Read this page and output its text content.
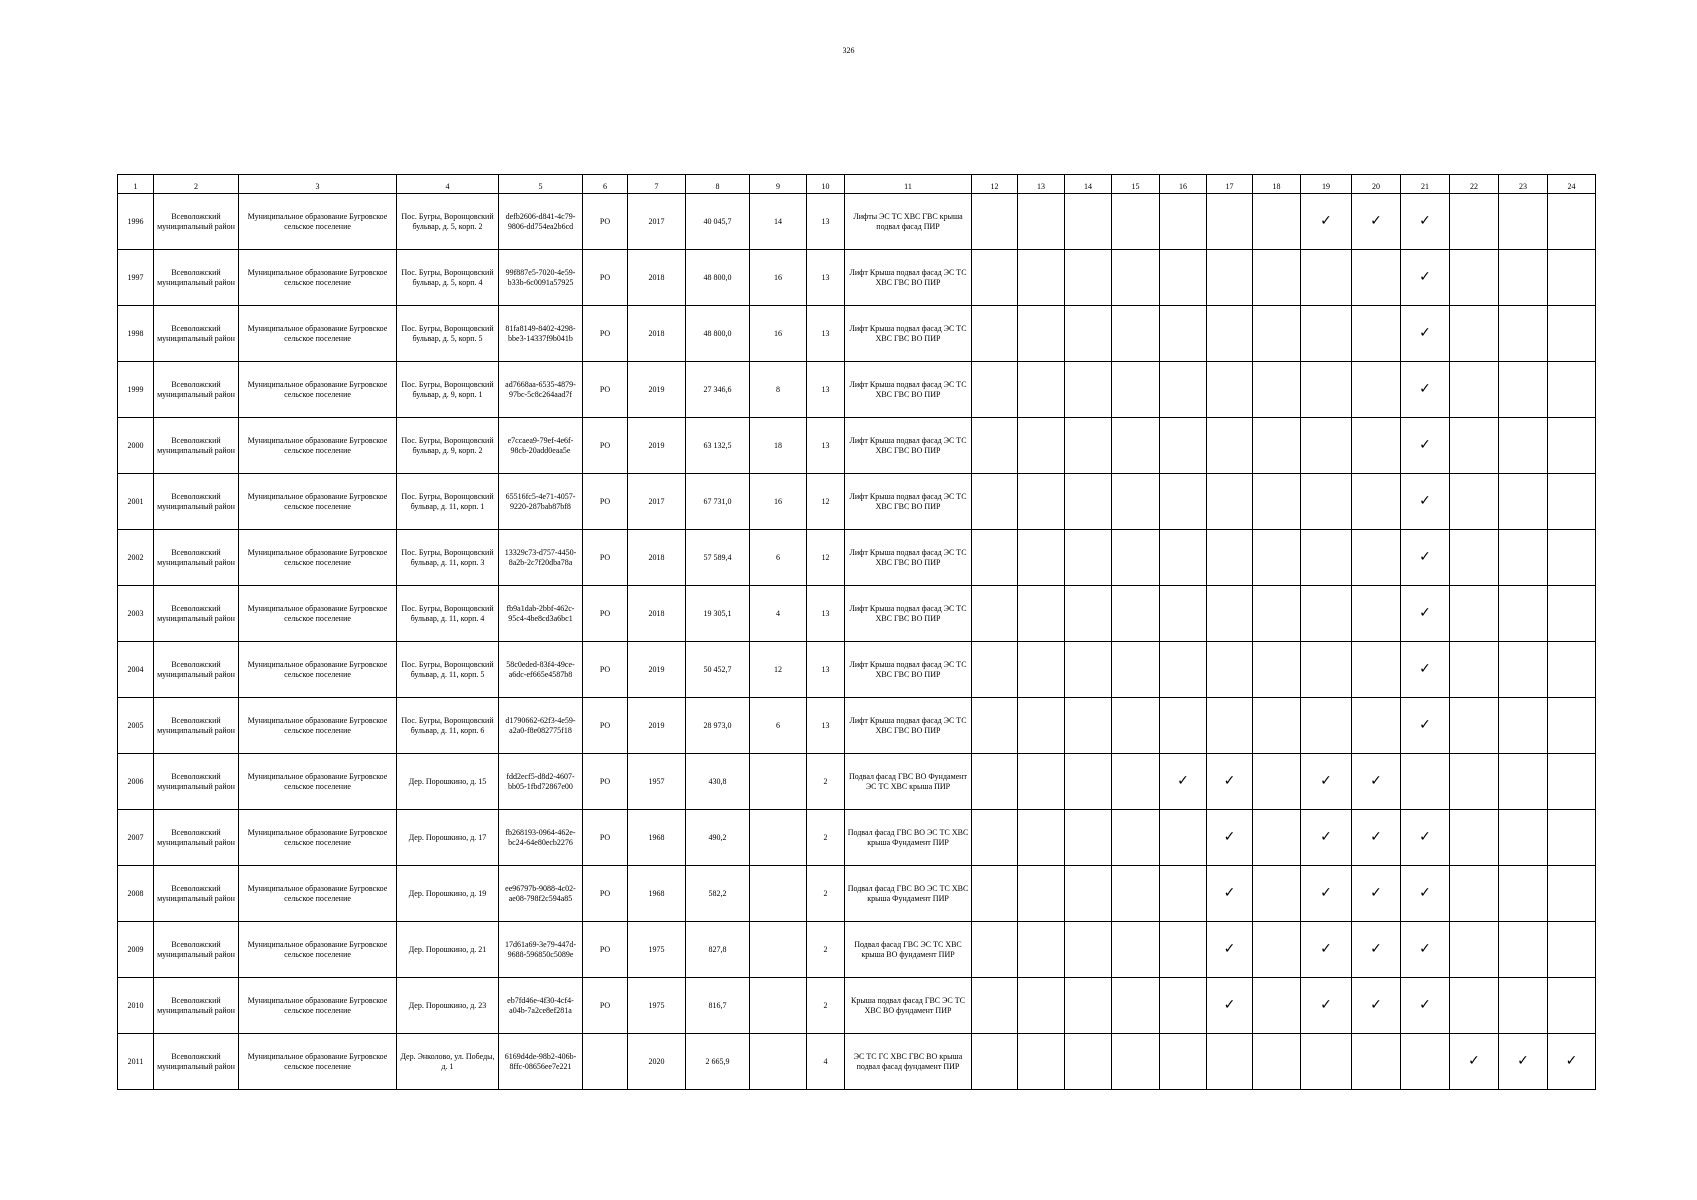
326
1	2	3	4	5	6	7	8	9	10	11	12	13	14	15	16	17	18	19	20	21	22	23	24
1996	Всеволожский муниципальный район	Муниципальное образование Бугровское сельское поселение	Пос. Бугры, Воронцовский бульвар, д. 5, корп. 2	defb2606-d841-4c79-9806-dd754ea2b6cd	РО	2017	40 045,7	14	13	Лифты ЭС ТС ХВС ГВС крыша подвал фасад ПИР								✓	✓	✓			
1997	Всеволожский муниципальный район	Муниципальное образование Бугровское сельское поселение	Пос. Бугры, Воронцовский бульвар, д. 5, корп. 4	99f887e5-7020-4e59-b33b-6c0091a57925	РО	2018	48 800,0	16	13	Лифт Крыша подвал фасад ЭС ТС ХВС ГВС ВО ПИР										✓			
1998	Всеволожский муниципальный район	Муниципальное образование Бугровское сельское поселение	Пос. Бугры, Воронцовский бульвар, д. 5, корп. 5	81fa8149-8402-4298-bbe3-14337f9b041b	РО	2018	48 800,0	16	13	Лифт Крыша подвал фасад ЭС ТС ХВС ГВС ВО ПИР										✓			
1999	Всеволожский муниципальный район	Муниципальное образование Бугровское сельское поселение	Пос. Бугры, Воронцовский бульвар, д. 9, корп. 1	ad7668aa-6535-4879-97bc-5c8c264aad7f	РО	2019	27 346,6	8	13	Лифт Крыша подвал фасад ЭС ТС ХВС ГВС ВО ПИР										✓			
2000	Всеволожский муниципальный район	Муниципальное образование Бугровское сельское поселение	Пос. Бугры, Воронцовский бульвар, д. 9, корп. 2	e7ccaea9-79ef-4e6f-98cb-20add0eaa5e	РО	2019	63 132,5	18	13	Лифт Крыша подвал фасад ЭС ТС ХВС ГВС ВО ПИР										✓			
2001	Всеволожский муниципальный район	Муниципальное образование Бугровское сельское поселение	Пос. Бугры, Воронцовский бульвар, д. 11, корп. 1	65516fc5-4e71-4057-9220-287bab87bf8	РО	2017	67 731,0	16	12	Лифт Крыша подвал фасад ЭС ТС ХВС ГВС ВО ПИР										✓			
2002	Всеволожский муниципальный район	Муниципальное образование Бугровское сельское поселение	Пос. Бугры, Воронцовский бульвар, д. 11, корп. 3	13329c73-d757-4450-8a2b-2c7f20dba78a	РО	2018	57 589,4	6	12	Лифт Крыша подвал фасад ЭС ТС ХВС ГВС ВО ПИР										✓			
2003	Всеволожский муниципальный район	Муниципальное образование Бугровское сельское поселение	Пос. Бугры, Воронцовский бульвар, д. 11, корп. 4	fb9a1dab-2bbf-462c-95c4-4be8cd3a6bc1	РО	2018	19 305,1	4	13	Лифт Крыша подвал фасад ЭС ТС ХВС ГВС ВО ПИР										✓			
2004	Всеволожский муниципальный район	Муниципальное образование Бугровское сельское поселение	Пос. Бугры, Воронцовский бульвар, д. 11, корп. 5	58c0eded-83f4-49ce-a6dc-ef665e4587b8	РО	2019	50 452,7	12	13	Лифт Крыша подвал фасад ЭС ТС ХВС ГВС ВО ПИР										✓			
2005	Всеволожский муниципальный район	Муниципальное образование Бугровское сельское поселение	Пос. Бугры, Воронцовский бульвар, д. 11, корп. 6	d1790662-62f3-4e59-a2a0-f8e082775f18	РО	2019	28 973,0	6	13	Лифт Крыша подвал фасад ЭС ТС ХВС ГВС ВО ПИР										✓			
2006	Всеволожский муниципальный район	Муниципальное образование Бугровское сельское поселение	Дер. Порошкино, д. 15	fdd2ecf5-d8d2-4607-bb05-1fbd72867e00	РО	1957	430,8		2	Подвал фасад ГВС ВО Фундамент ЭС ТС ХВС крыша ПИР					✓	✓		✓	✓				
2007	Всеволожский муниципальный район	Муниципальное образование Бугровское сельское поселение	Дер. Порошкино, д. 17	fb268193-0964-462e-bc24-64e80ecb2276	РО	1968	490,2		2	Подвал фасад ГВС ВО ЭС ТС ХВС крыша Фундамент ПИР						✓		✓	✓	✓			
2008	Всеволожский муниципальный район	Муниципальное образование Бугровское сельское поселение	Дер. Порошкино, д. 19	ee96797b-9088-4c02-ae08-798f2c594a85	РО	1968	582,2		2	Подвал фасад ГВС ВО ЭС ТС ХВС крыша Фундамент ПИР						✓		✓	✓	✓			
2009	Всеволожский муниципальный район	Муниципальное образование Бугровское сельское поселение	Дер. Порошкино, д. 21	17d61a69-3e79-447d-9688-596850c5089e	РО	1975	827,8		2	Подвал фасад ГВС ЭС ТС ХВС крыша ВО фундамент ПИР						✓		✓	✓	✓			
2010	Всеволожский муниципальный район	Муниципальное образование Бугровское сельское поселение	Дер. Порошкино, д. 23	eb7fd46e-4f30-4cf4-a04b-7a2ce8ef281a	РО	1975	816,7		2	Крыша подвал фасад ГВС ЭС ТС ХВС ВО фундамент ПИР						✓		✓	✓	✓			
2011	Всеволожский муниципальный район	Муниципальное образование Бугровское сельское поселение	Дер. Энколово, ул. Победы, д. 1	6169d4de-98b2-406b-8ffc-08656ee7e221		2020	2 665,9		4	ЭС ТС ГС ХВС ГВС ВО крыша подвал фасад фундамент ПИР											✓	✓	✓
